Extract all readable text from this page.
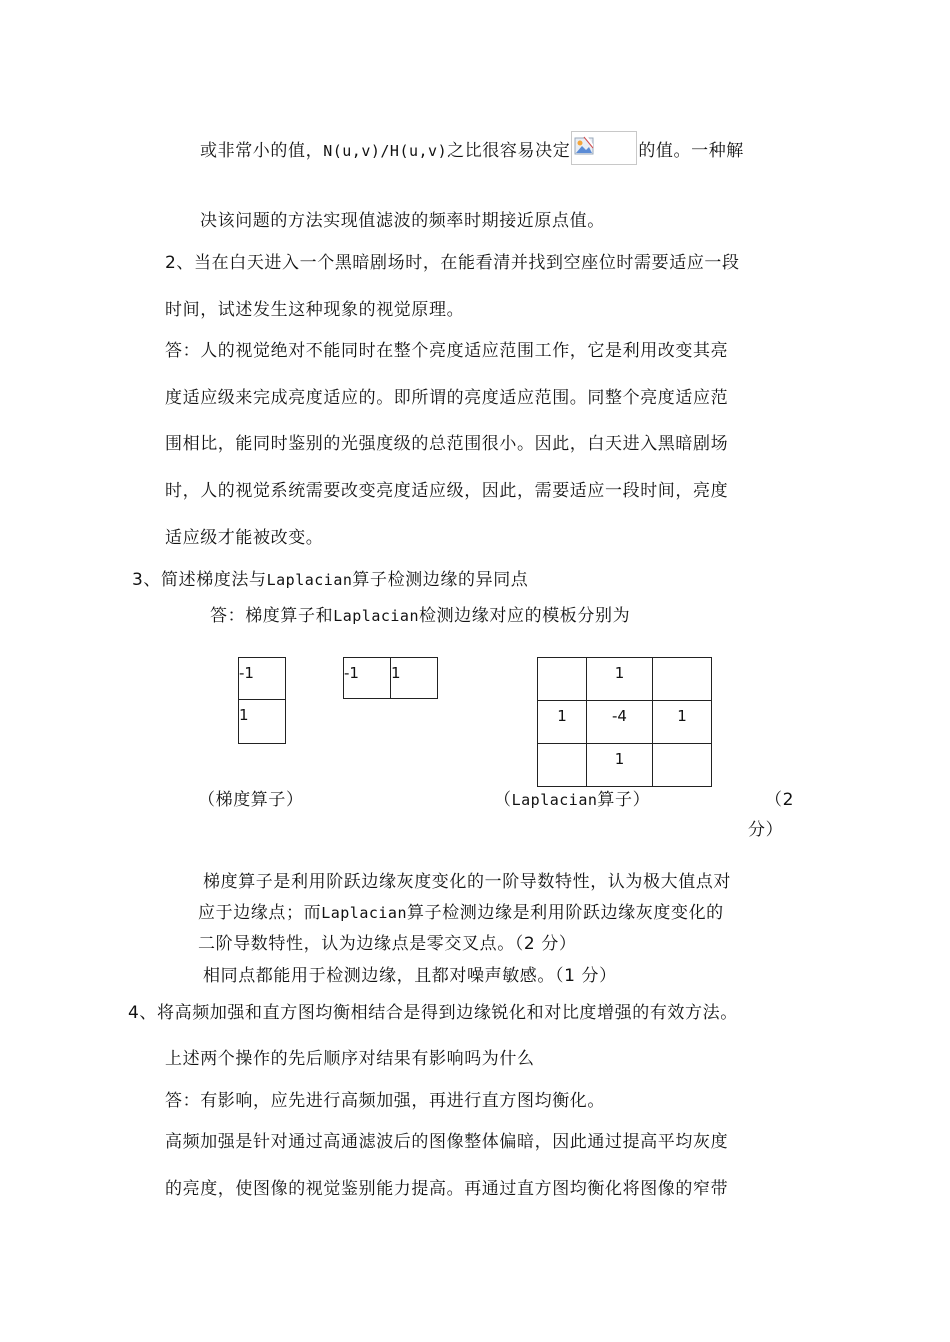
或非常小的值，N(u,v)/H(u,v)之比很容易决定	的值。一种解
决该问题的方法实现值滤波的频率时期接近原点值。
2、当在白天进入一个黑暗剧场时，在能看清并找到空座位时需要适应一段
时间，试述发生这种现象的视觉原理。
答：人的视觉绝对不能同时在整个亮度适应范围工作，它是利用改变其亮
度适应级来完成亮度适应的。即所谓的亮度适应范围。同整个亮度适应范
围相比，能同时鉴别的光强度级的总范围很小。因此，白天进入黑暗剧场
时，人的视觉系统需要改变亮度适应级，因此，需要适应一段时间，亮度
适应级才能被改变。
3、简述梯度法与Laplacian算子检测边缘的异同点
答：梯度算子和Laplacian检测边缘对应的模板分别为
-1
1
-1	1
		1	
1	-4	1
	1	
（梯度算子）	（Laplacian算子）	（2
分）
梯度算子是利用阶跃边缘灰度变化的一阶导数特性，认为极大值点对
应于边缘点；而Laplacian算子检测边缘是利用阶跃边缘灰度变化的
二阶导数特性，认为边缘点是零交叉点。（2 分）
相同点都能用于检测边缘，且都对噪声敏感。（1 分）
4、将高频加强和直方图均衡相结合是得到边缘锐化和对比度增强的有效方法。
上述两个操作的先后顺序对结果有影响吗为什么
答：有影响，应先进行高频加强，再进行直方图均衡化。
高频加强是针对通过高通滤波后的图像整体偏暗，因此通过提高平均灰度
的亮度，使图像的视觉鉴别能力提高。再通过直方图均衡化将图像的窄带
